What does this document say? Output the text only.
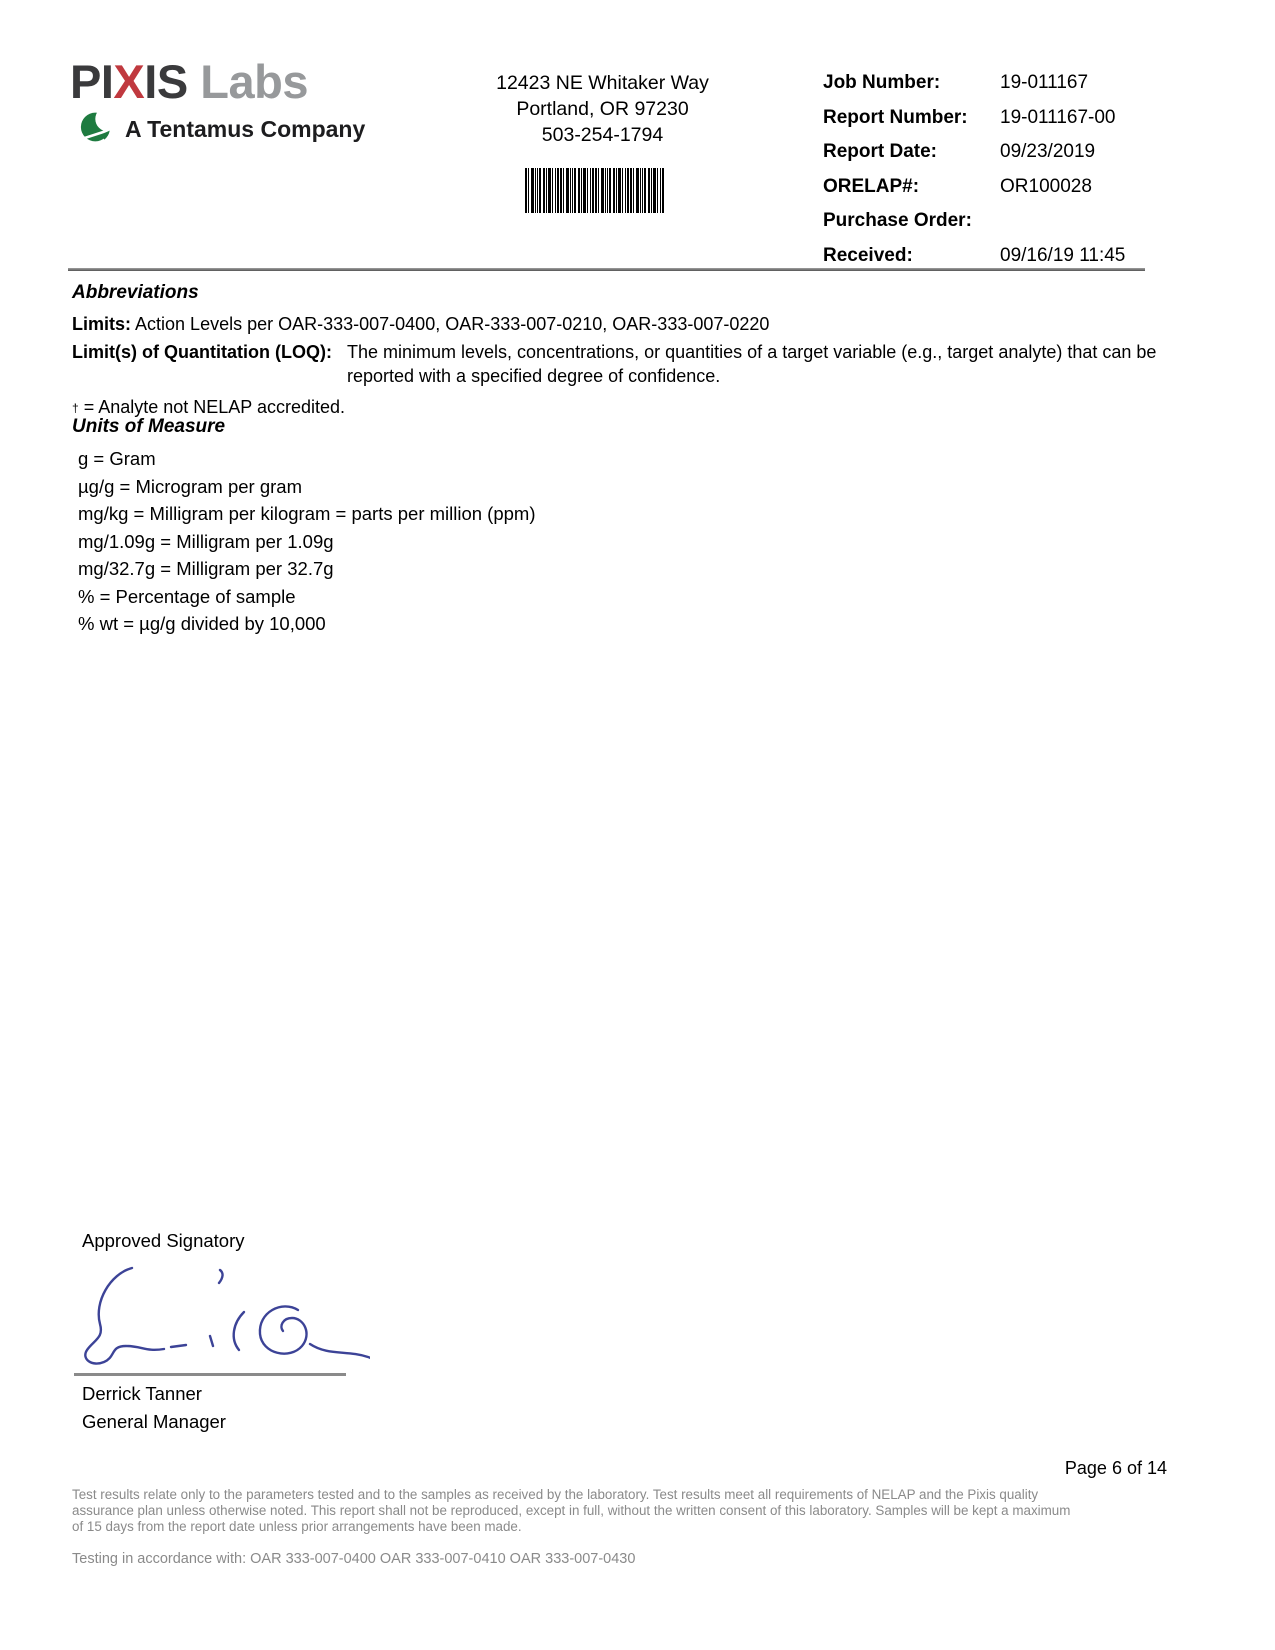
PIXIS Labs
A Tentamus Company
12423 NE Whitaker Way
Portland, OR 97230
503-254-1794
Job Number:	19-011167
Report Number:	19-011167-00
Report Date:	09/23/2019
ORELAP#:	OR100028
Purchase Order:
Received:	09/16/19 11:45
Abbreviations
Limits: Action Levels per OAR-333-007-0400, OAR-333-007-0210, OAR-333-007-0220
Limit(s) of Quantitation (LOQ): The minimum levels, concentrations, or quantities of a target variable (e.g., target analyte) that can be reported with a specified degree of confidence.
† = Analyte not NELAP accredited.
Units of Measure
g = Gram
µg/g = Microgram per gram
mg/kg = Milligram per kilogram = parts per million (ppm)
mg/1.09g = Milligram per 1.09g
mg/32.7g = Milligram per 32.7g
% = Percentage of sample
% wt = µg/g divided by 10,000
Approved Signatory
Derrick Tanner
General Manager
Page 6 of 14
Test results relate only to the parameters tested and to the samples as received by the laboratory. Test results meet all requirements of NELAP and the Pixis quality assurance plan unless otherwise noted. This report shall not be reproduced, except in full, without the written consent of this laboratory. Samples will be kept a maximum of 15 days from the report date unless prior arrangements have been made.
Testing in accordance with: OAR 333-007-0400 OAR 333-007-0410 OAR 333-007-0430
